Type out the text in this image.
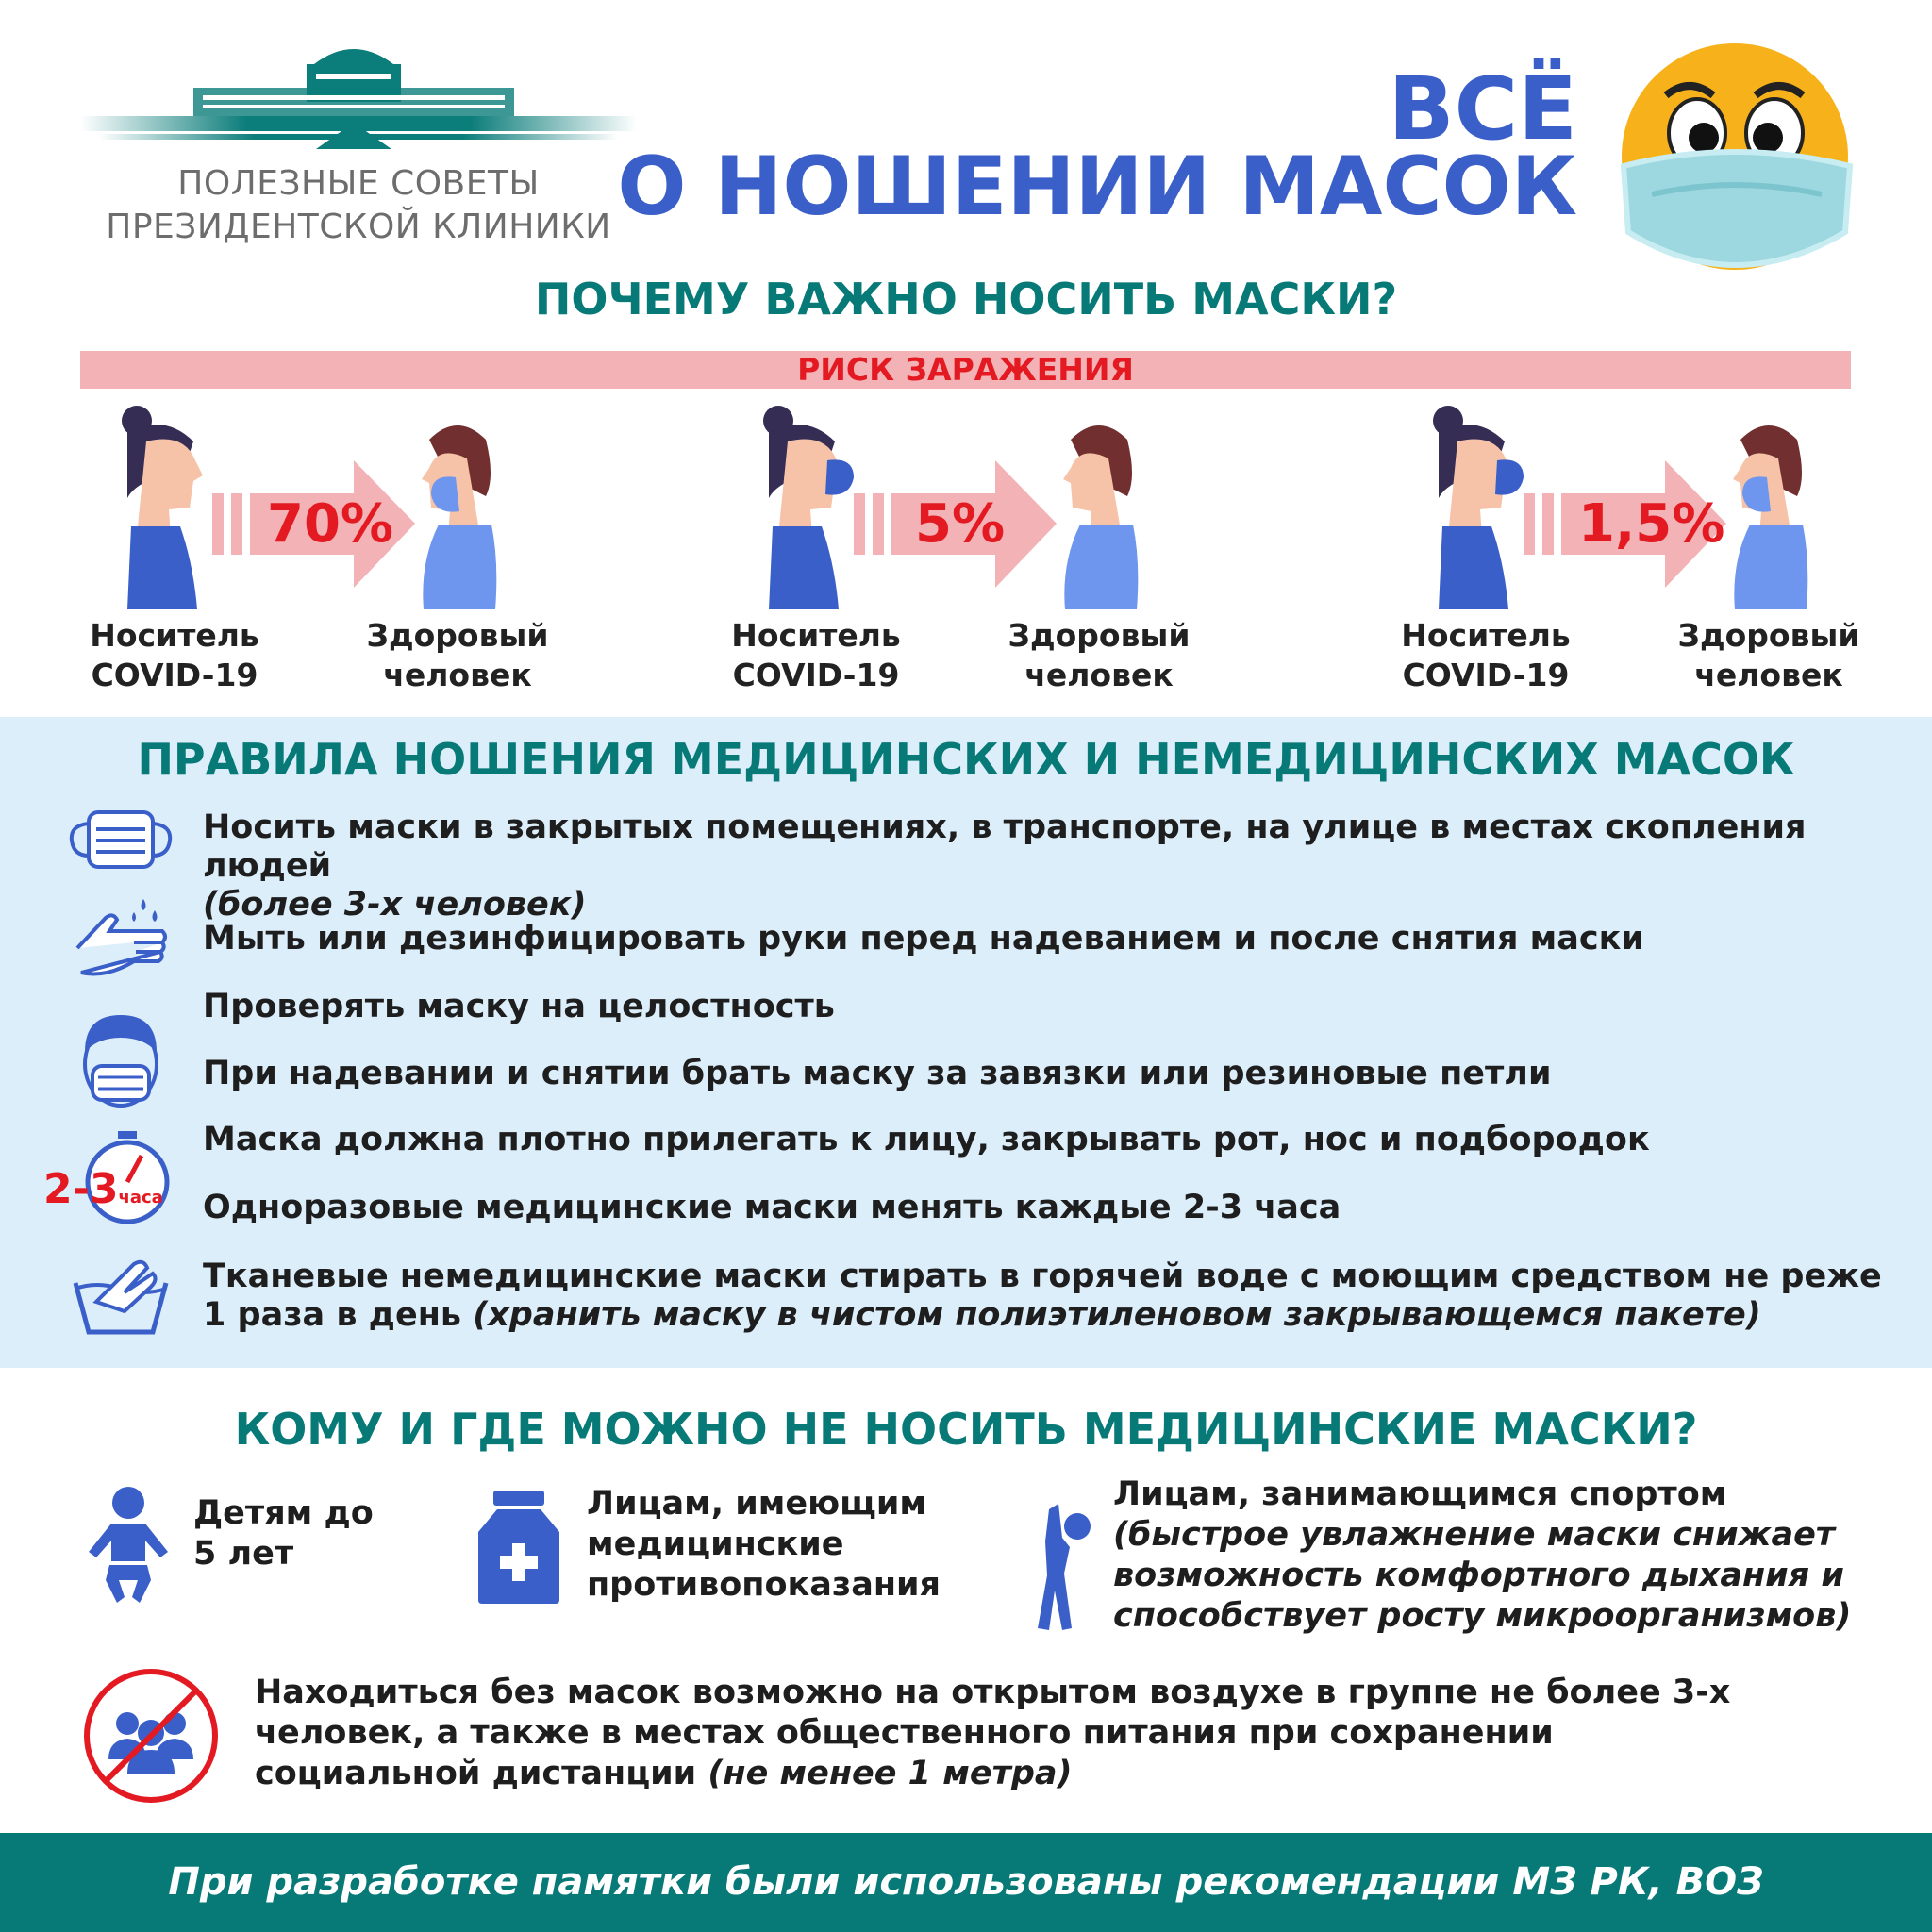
ПОЛЕЗНЫЕ СОВЕТЫ
ПРЕЗИДЕНТСКОЙ КЛИНИКИ
ВСЁ
О НОШЕНИИ МАСОК
ПОЧЕМУ ВАЖНО НОСИТЬ МАСКИ?
РИСК ЗАРАЖЕНИЯ
70%
Носитель
COVID-19
Здоровый
человек
5%
Носитель
COVID-19
Здоровый
человек
1,5%
Носитель
COVID-19
Здоровый
человек
ПРАВИЛА НОШЕНИЯ МЕДИЦИНСКИХ И НЕМЕДИЦИНСКИХ МАСОК
Носить маски в закрытых помещениях, в транспорте, на улице в местах скопления людей
(более 3-х человек)
Мыть или дезинфицировать руки перед надеванием и после снятия маски
Проверять маску на целостность
При надевании и снятии брать маску за завязки или резиновые петли
2-3часа
Маска должна плотно прилегать к лицу, закрывать рот, нос и подбородок
Одноразовые медицинские маски менять каждые 2-3 часа
Тканевые немедицинские маски стирать в горячей воде с моющим средством не реже 1 раза в день (хранить маску в чистом полиэтиленовом закрывающемся пакете)
КОМУ И ГДЕ МОЖНО НЕ НОСИТЬ МЕДИЦИНСКИЕ МАСКИ?
Детям до 5 лет
Лицам, имеющим медицинские противопоказания
Лицам, занимающимся спортом
(быстрое увлажнение маски снижает возможность комфортного дыхания и способствует росту микроорганизмов)
Находиться без масок возможно на открытом воздухе в группе не более 3-х человек, а также в местах общественного питания при сохранении социальной дистанции (не менее 1 метра)
При разработке памятки были использованы рекомендации МЗ РК, ВОЗ
